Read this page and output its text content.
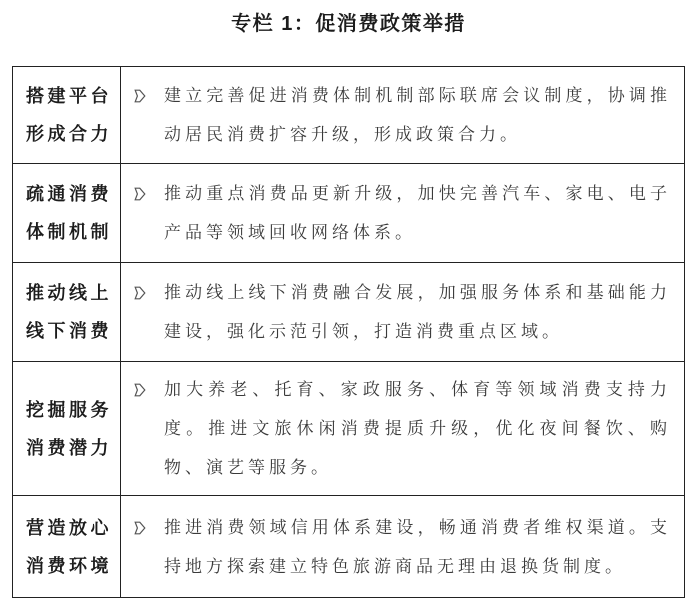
专栏 1：促消费政策举措
搭建平台
形成合力	建立完善促进消费体制机制部际联席会议制度，协调推动居民消费扩容升级，形成政策合力。

疏通消费
体制机制	推动重点消费品更新升级，加快完善汽车、家电、电子产品等领域回收网络体系。

推动线上
线下消费	推动线上线下消费融合发展，加强服务体系和基础能力建设，强化示范引领，打造消费重点区域。

挖掘服务
消费潜力	加大养老、托育、家政服务、体育等领域消费支持力度。推进文旅休闲消费提质升级，优化夜间餐饮、购物、演艺等服务。

营造放心
消费环境	推进消费领域信用体系建设，畅通消费者维权渠道。支持地方探索建立特色旅游商品无理由退换货制度。
